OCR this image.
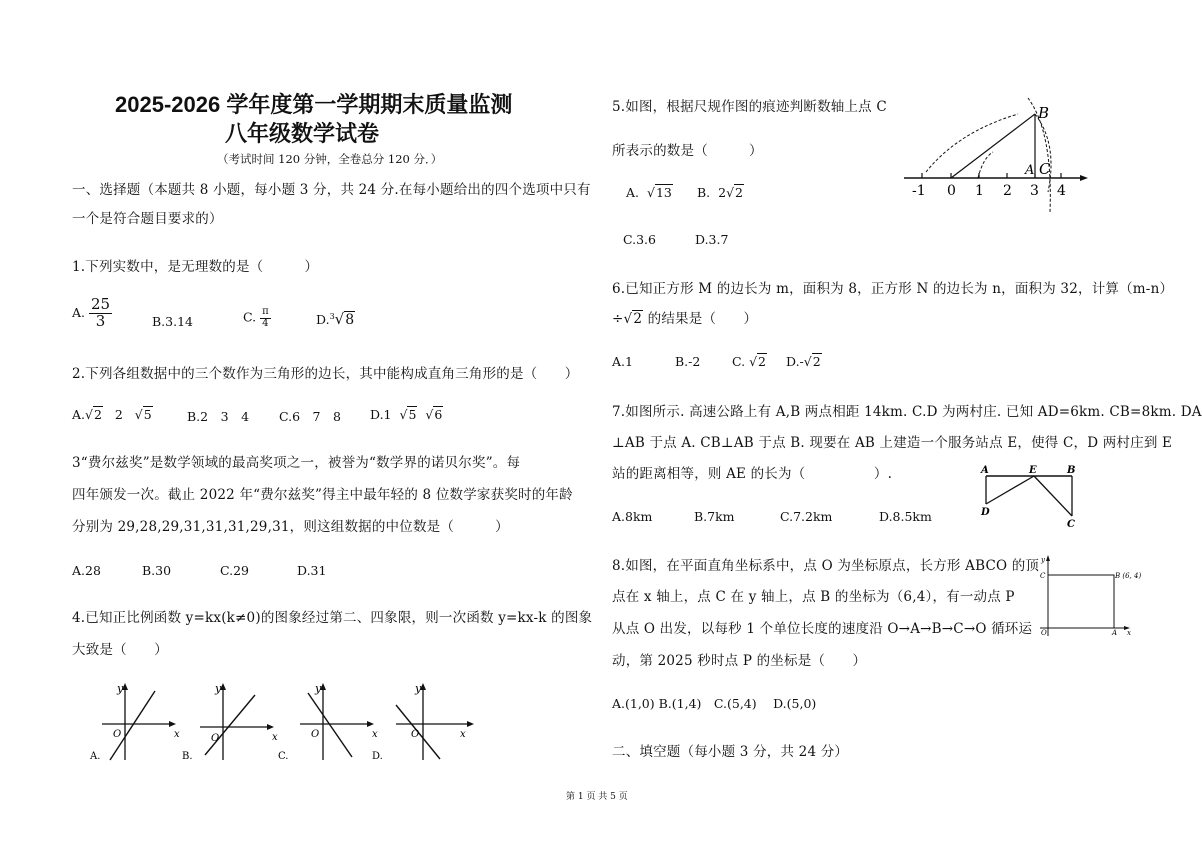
2025-2026 学年度第一学期期末质量监测
八年级数学试卷
（考试时间 120 分钟，全卷总分 120 分．）
一、选择题（本题共 8 小题，每小题 3 分，共 24 分.在每小题给出的四个选项中只有
一个是符合题目要求的）
1.下列实数中，是无理数的是（　　　）
A. $\frac{25}{3}$	B.3.14	C. $\frac{\pi}{4}$	D.$^3$√8
2.下列各组数据中的三个数作为三角形的边长，其中能构成直角三角形的是（　　）
A.√2 2 √5	B.2　3　4 C.6　7　8 D.1 √5 √6
3“费尔兹奖”是数学领域的最高奖项之一，被誉为“数学界的诺贝尔奖”。每
四年颁发一次。截止 2022 年“费尔兹奖”得主中最年轻的 8 位数学家获奖时的年龄
分别为 29,28,29,31,31,31,29,31，则这组数据的中位数是（　　　）
A.28	B.30	C.29	D.31
4.已知正比例函数 y=kx(k≠0)的图象经过第二、四象限，则一次函数 y=kx-k 的图象
大致是（　　）
y
O	x
A.
y
O	x
B.
y
O	x
C.
y
O	x
D.
5.如图，根据尺规作图的痕迹判断数轴上点 C
所表示的数是（　　　）
A. √13 B. 2√2
C.3.6	D.3.7
-1 0 1 2 3 4
B
A C
6.已知正方形 M 的边长为 m，面积为 8，正方形 N 的边长为 n，面积为 32，计算（m-n）
÷√2 的结果是（　　）
A.1	B.-2	C. √2 D.-√2
7.如图所示. 高速公路上有 A,B 两点相距 14km. C.D 为两村庄. 已知 AD=6km. CB=8km. DA
⊥AB 于点 A. CB⊥AB 于点 B. 现要在 AB 上建造一个服务站点 E，使得 C，D 两村庄到 E
站的距离相等，则 AE 的长为（　　　　　）.
A.8km	B.7km	C.7.2km	D.8.5km
A	E	B
D
C
8.如图，在平面直角坐标系中，点 O 为坐标原点，长方形 ABCO 的顶
点在 x 轴上，点 C 在 y 轴上，点 B 的坐标为（6,4），有一动点 P
从点 O 出发，以每秒 1 个单位长度的速度沿 O→A→B→C→O 循环运
动，第 2025 秒时点 P 的坐标是（　　）
A.(1,0) B.(1,4)　C.(5,4)　 D.(5,0)
y
C	B (6, 4)
O	A x
二、填空题（每小题 3 分，共 24 分）
第 1 页 共 5 页
